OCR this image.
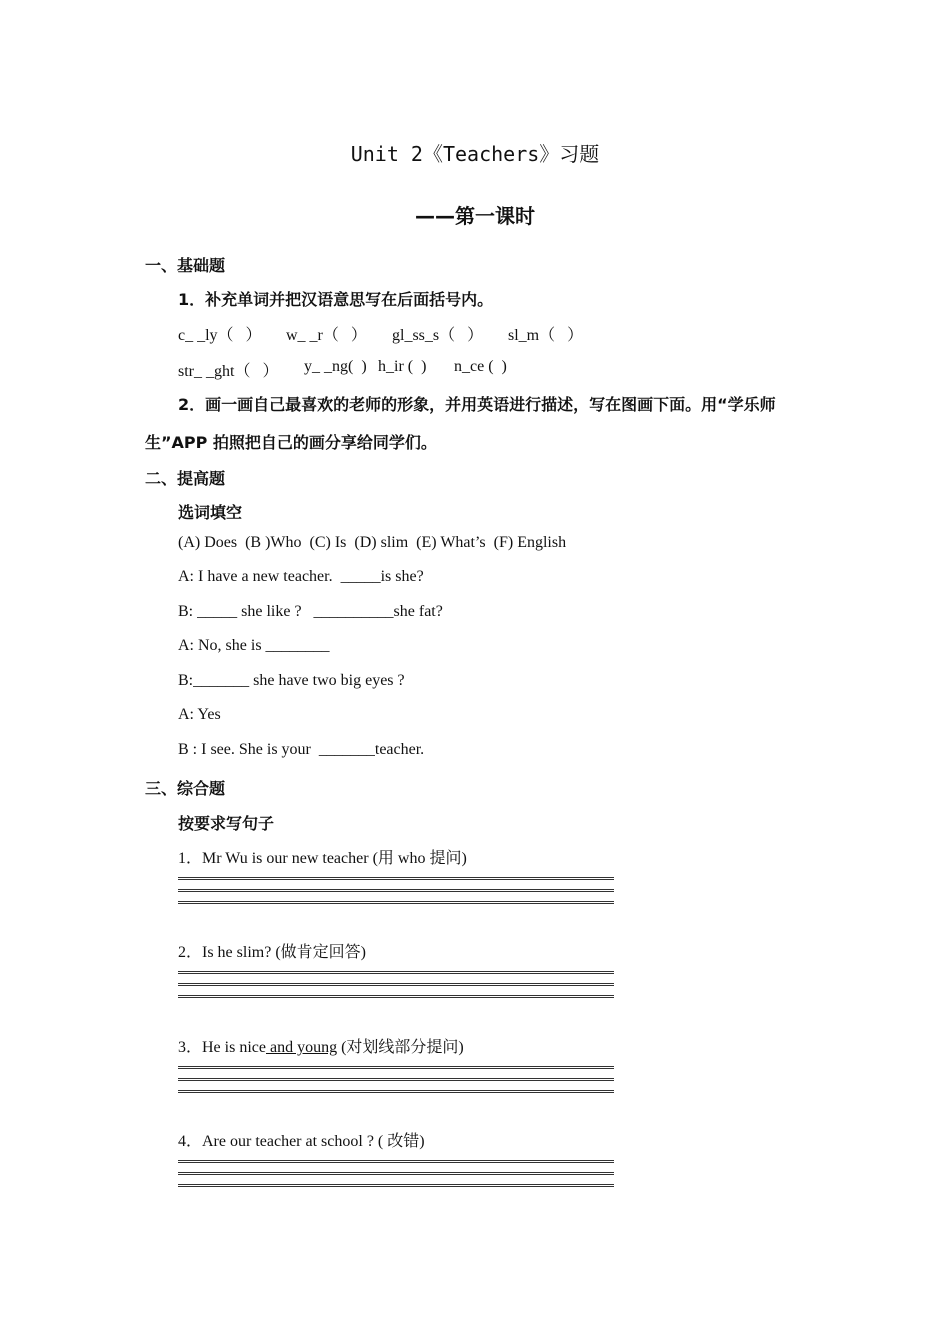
Unit 2《Teachers》习题
——第一课时
一、基础题
1．补充单词并把汉语意思写在后面括号内。
c_ _ly（   ）	w_ _r（   ）	gl_ss_s（   ）	sl_m（   ）
str_ _ght（   ）	y_ _ng(  ) h_ir (  )	n_ce (  )
2．画一画自己最喜欢的老师的形象，并用英语进行描述，写在图画下面。用“学乐师
生”APP 拍照把自己的画分享给同学们。
二、提高题
选词填空
(A) Does  (B )Who  (C) Is  (D) slim  (E) What’s  (F) English
A: I have a new teacher.  _____is she?
B: _____ she like ?   __________she fat?
A: No, she is ________
B:_______ she have two big eyes ?
A: Yes
B : I see. She is your  _______teacher.
三、综合题
按要求写句子
1．Mr Wu is our new teacher (用 who 提问)
2．Is he slim? (做肯定回答)
3．He is nice and young (对划线部分提问)
4．Are our teacher at school ? ( 改错)
